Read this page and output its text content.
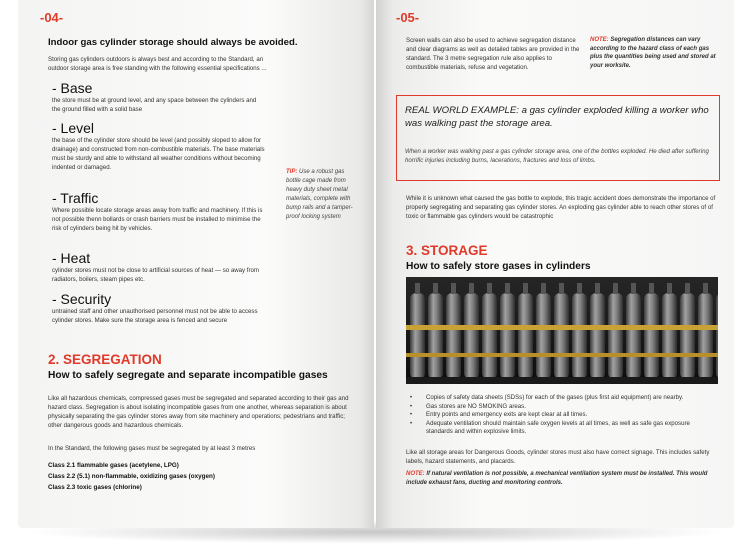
-04-
Indoor gas cylinder storage should always be avoided.

Storing gas cylinders outdoors is always best and according to the Standard, an outdoor storage area is free standing with the following essential specifications ...

- Base

the store must be at ground level, and any space between the cylinders and the ground filled with a solid base

- Level

the base of the cylinder store should be level (and possibly sloped to allow for drainage) and constructed from non-combustible materials. The base materials must be sturdy and able to withstand all weather conditions without becoming indented or damaged.

- Traffic

Where possible locate storage areas away from traffic and machinery. If this is not possible thenn bollards or crash barriers must be installed to minimise the risk of cylinders being hit by vehicles.

- Heat

cylinder stores must not be close to artificial sources of heat — so away from radiators, boilers, steam pipes etc.

- Security

untrained staff and other unauthorised personnel must not be able to access cylinder stores. Make sure the storage area is fenced and secure

TIP: Use a robust gas bottle cage made from heavy duty sheet metal materials, complete with bump rails and a tamper-proof locking system

2. SEGREGATION
How to safely segregate and separate incompatible gases

Like all hazardous chemicals, compressed gases must be segregated and separated according to their gas and hazard class. Segregation is about isolating incompatible gases from one another, whereas separation is about physically separating the gas cylinder stores away from site machinery and operations; pedestrians and traffic; other dangerous goods and hazardous chemicals.

In the Standard, the following gases must be segregated by at least 3 metres

Class 2.1 flammable gases (acetylene, LPG)
Class 2.2 (5.1) non-flammable, oxidizing gases (oxygen)
Class 2.3 toxic gases (chlorine)
-05-

Screen walls can also be used to achieve segregation distance and clear diagrams as well as detailed tables are provided in the standard. The 3 metre segregation rule also applies to combustible materials, refuse and vegetation.

NOTE: Segregation distances can vary according to the hazard class of each gas plus the quantities being used and stored at your worksite.

REAL WORLD EXAMPLE: a gas cylinder exploded killing a worker who was walking past the storage area.
When a worker was walking past a gas cylinder storage area, one of the bottles exploded. He died after suffering horrific injuries including burns, lacerations, fractures and loss of limbs.

While it is unknown what caused the gas bottle to explode, this tragic accident does demonstrate the importance of properly segregating and separating gas cylinder stores. An exploding gas cylinder able to reach other stores of of toxic or flammable gas cylinders would be catastrophic

3. STORAGE
How to safely store gases in cylinders
• Copies of safety data sheets (SDSs) for each of the gases (plus first aid equipment) are nearby.
• Gas stores are NO SMOKING areas.
• Entry points and emergency exits are kept clear at all times.
• Adequate ventilation should maintain safe oxygen levels at all times, as well as safe gas exposure standards and within explosive limits.

Like all storage areas for Dangerous Goods, cylinder stores must also have correct signage. This includes safety labels, hazard statements, and placards.

NOTE: If natural ventilation is not possible, a mechanical ventilation system must be installed. This would include exhaust fans, ducting and monitoring controls.
